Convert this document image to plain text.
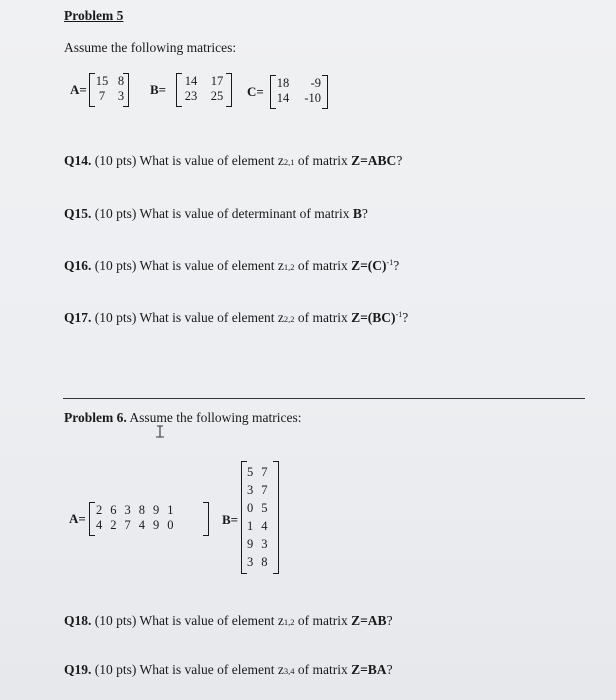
Problem 5
Assume the following matrices:
A=
15	8
7	3 B=
14	17
23	25 C=
18	-9
14	-10
Q14. (10 pts) What is value of element z2,1 of matrix Z=ABC?
Q15. (10 pts) What is value of determinant of matrix B?
Q16. (10 pts) What is value of element z1,2 of matrix $Z=(C)^{-1}$?
Q17. (10 pts) What is value of element z2,2 of matrix Z=(BC)$^{-1}$?
Problem 6. Assume the following matrices:
A=
2	6	3	8	9	1
4	2	7	4	9	0	B=
5	7
3	7
0	5
1	4
9	3
3	8
Q18. (10 pts) What is value of element z1,2 of matrix Z=AB?
Q19. (10 pts) What is value of element z3,4 of matrix Z=BA?
